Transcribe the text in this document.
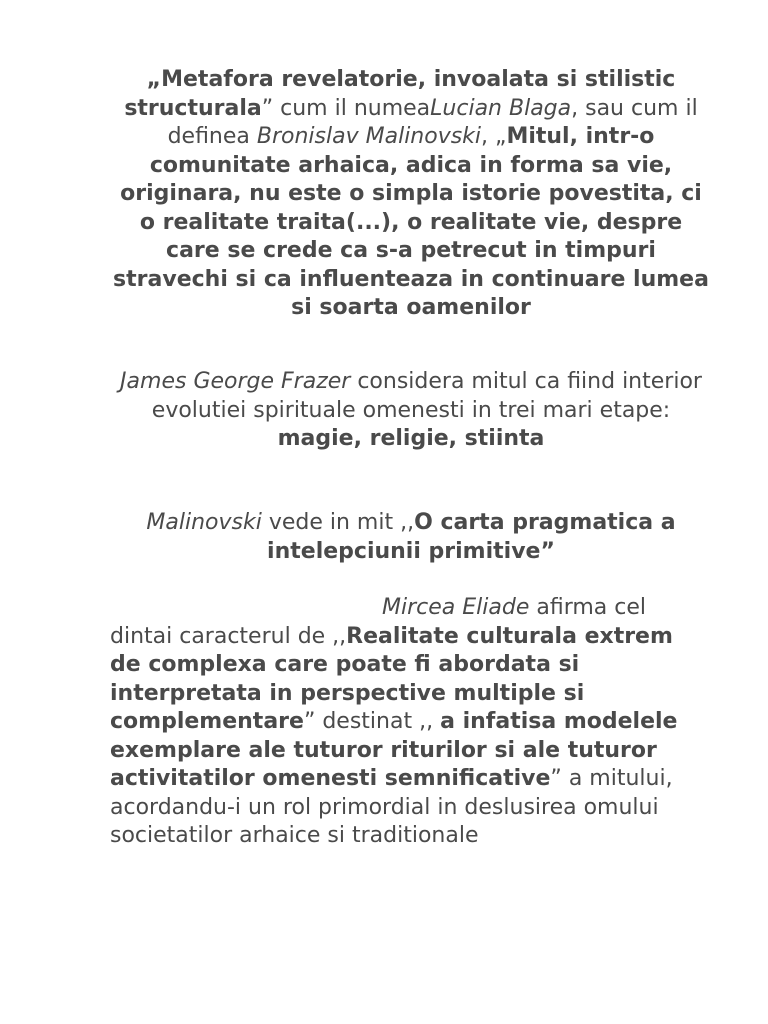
„Metafora revelatorie, invoalata si stilistic structurala” cum il numeaLucian Blaga, sau cum il definea Bronislav Malinovski, „Mitul, intr-o comunitate arhaica, adica in forma sa vie, originara, nu este o simpla istorie povestita, ci o realitate traita(...), o realitate vie, despre care se crede ca s-a petrecut in timpuri stravechi si ca influenteaza in continuare lumea si soarta oamenilor

James George Frazer considera mitul ca fiind interior evolutiei spirituale omenesti in trei mari etape: magie, religie, stiinta

Malinovski vede in mit ,,O carta pragmatica a intelepciunii primitive”

Mircea Eliade afirma cel
dintai caracterul de ,,Realitate culturala extrem de complexa care poate fi abordata si interpretata in perspective multiple si complementare” destinat ,, a infatisa modelele exemplare ale tuturor riturilor si ale tuturor activitatilor omenesti semnificative” a mitului, acordandu-i un rol primordial in deslusirea omului societatilor arhaice si traditionale
